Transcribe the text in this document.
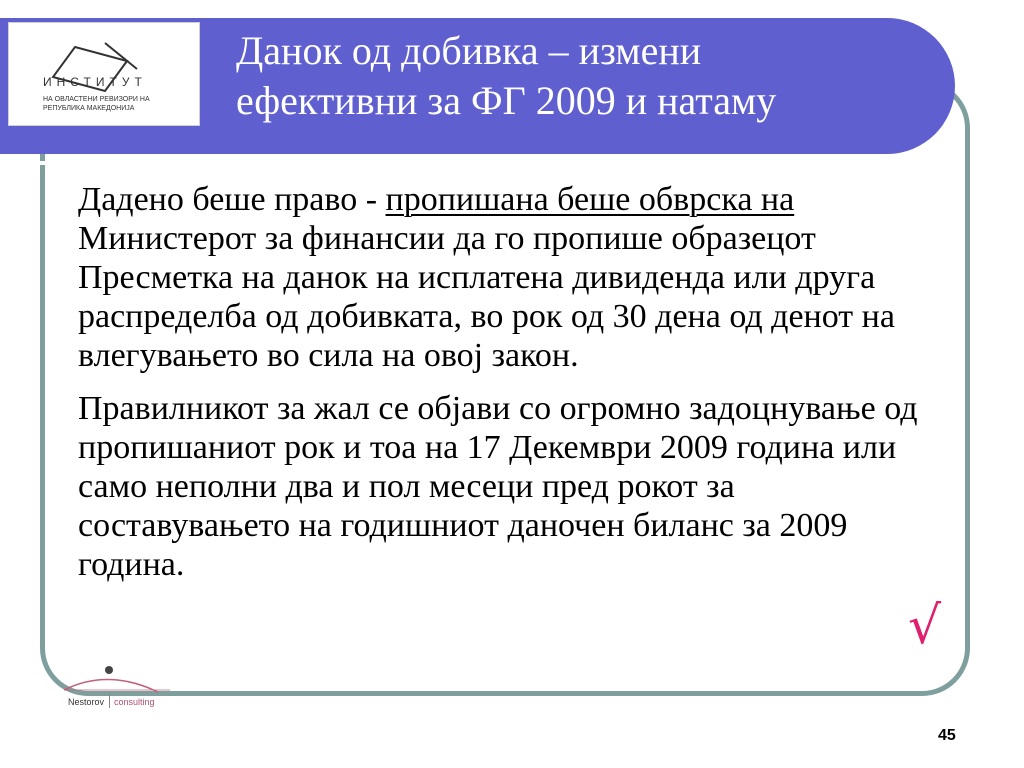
ИНСТИТУТ
НА ОВЛАСТЕНИ РЕВИЗОРИ НА
РЕПУБЛИКА МАКЕДОНИЈА
Данок од добивка – измени
ефективни за ФГ 2009 и натаму

Дадено беше право - пропишана беше обврска на Министерот за финансии да го пропише образецот Пресметка на данок на исплатена дивиденда или друга распределба од добивката, во рок од 30 дена од денот на влегувањето во сила на овој закон.

Правилникот за жал се објави со огромно задоцнување од пропишаниот рок и тоа на 17 Декември 2009 година или само неполни два и пол месеци пред рокот за составувањето на годишниот даночен биланс за 2009 година.

√
Nestorov consulting
45
